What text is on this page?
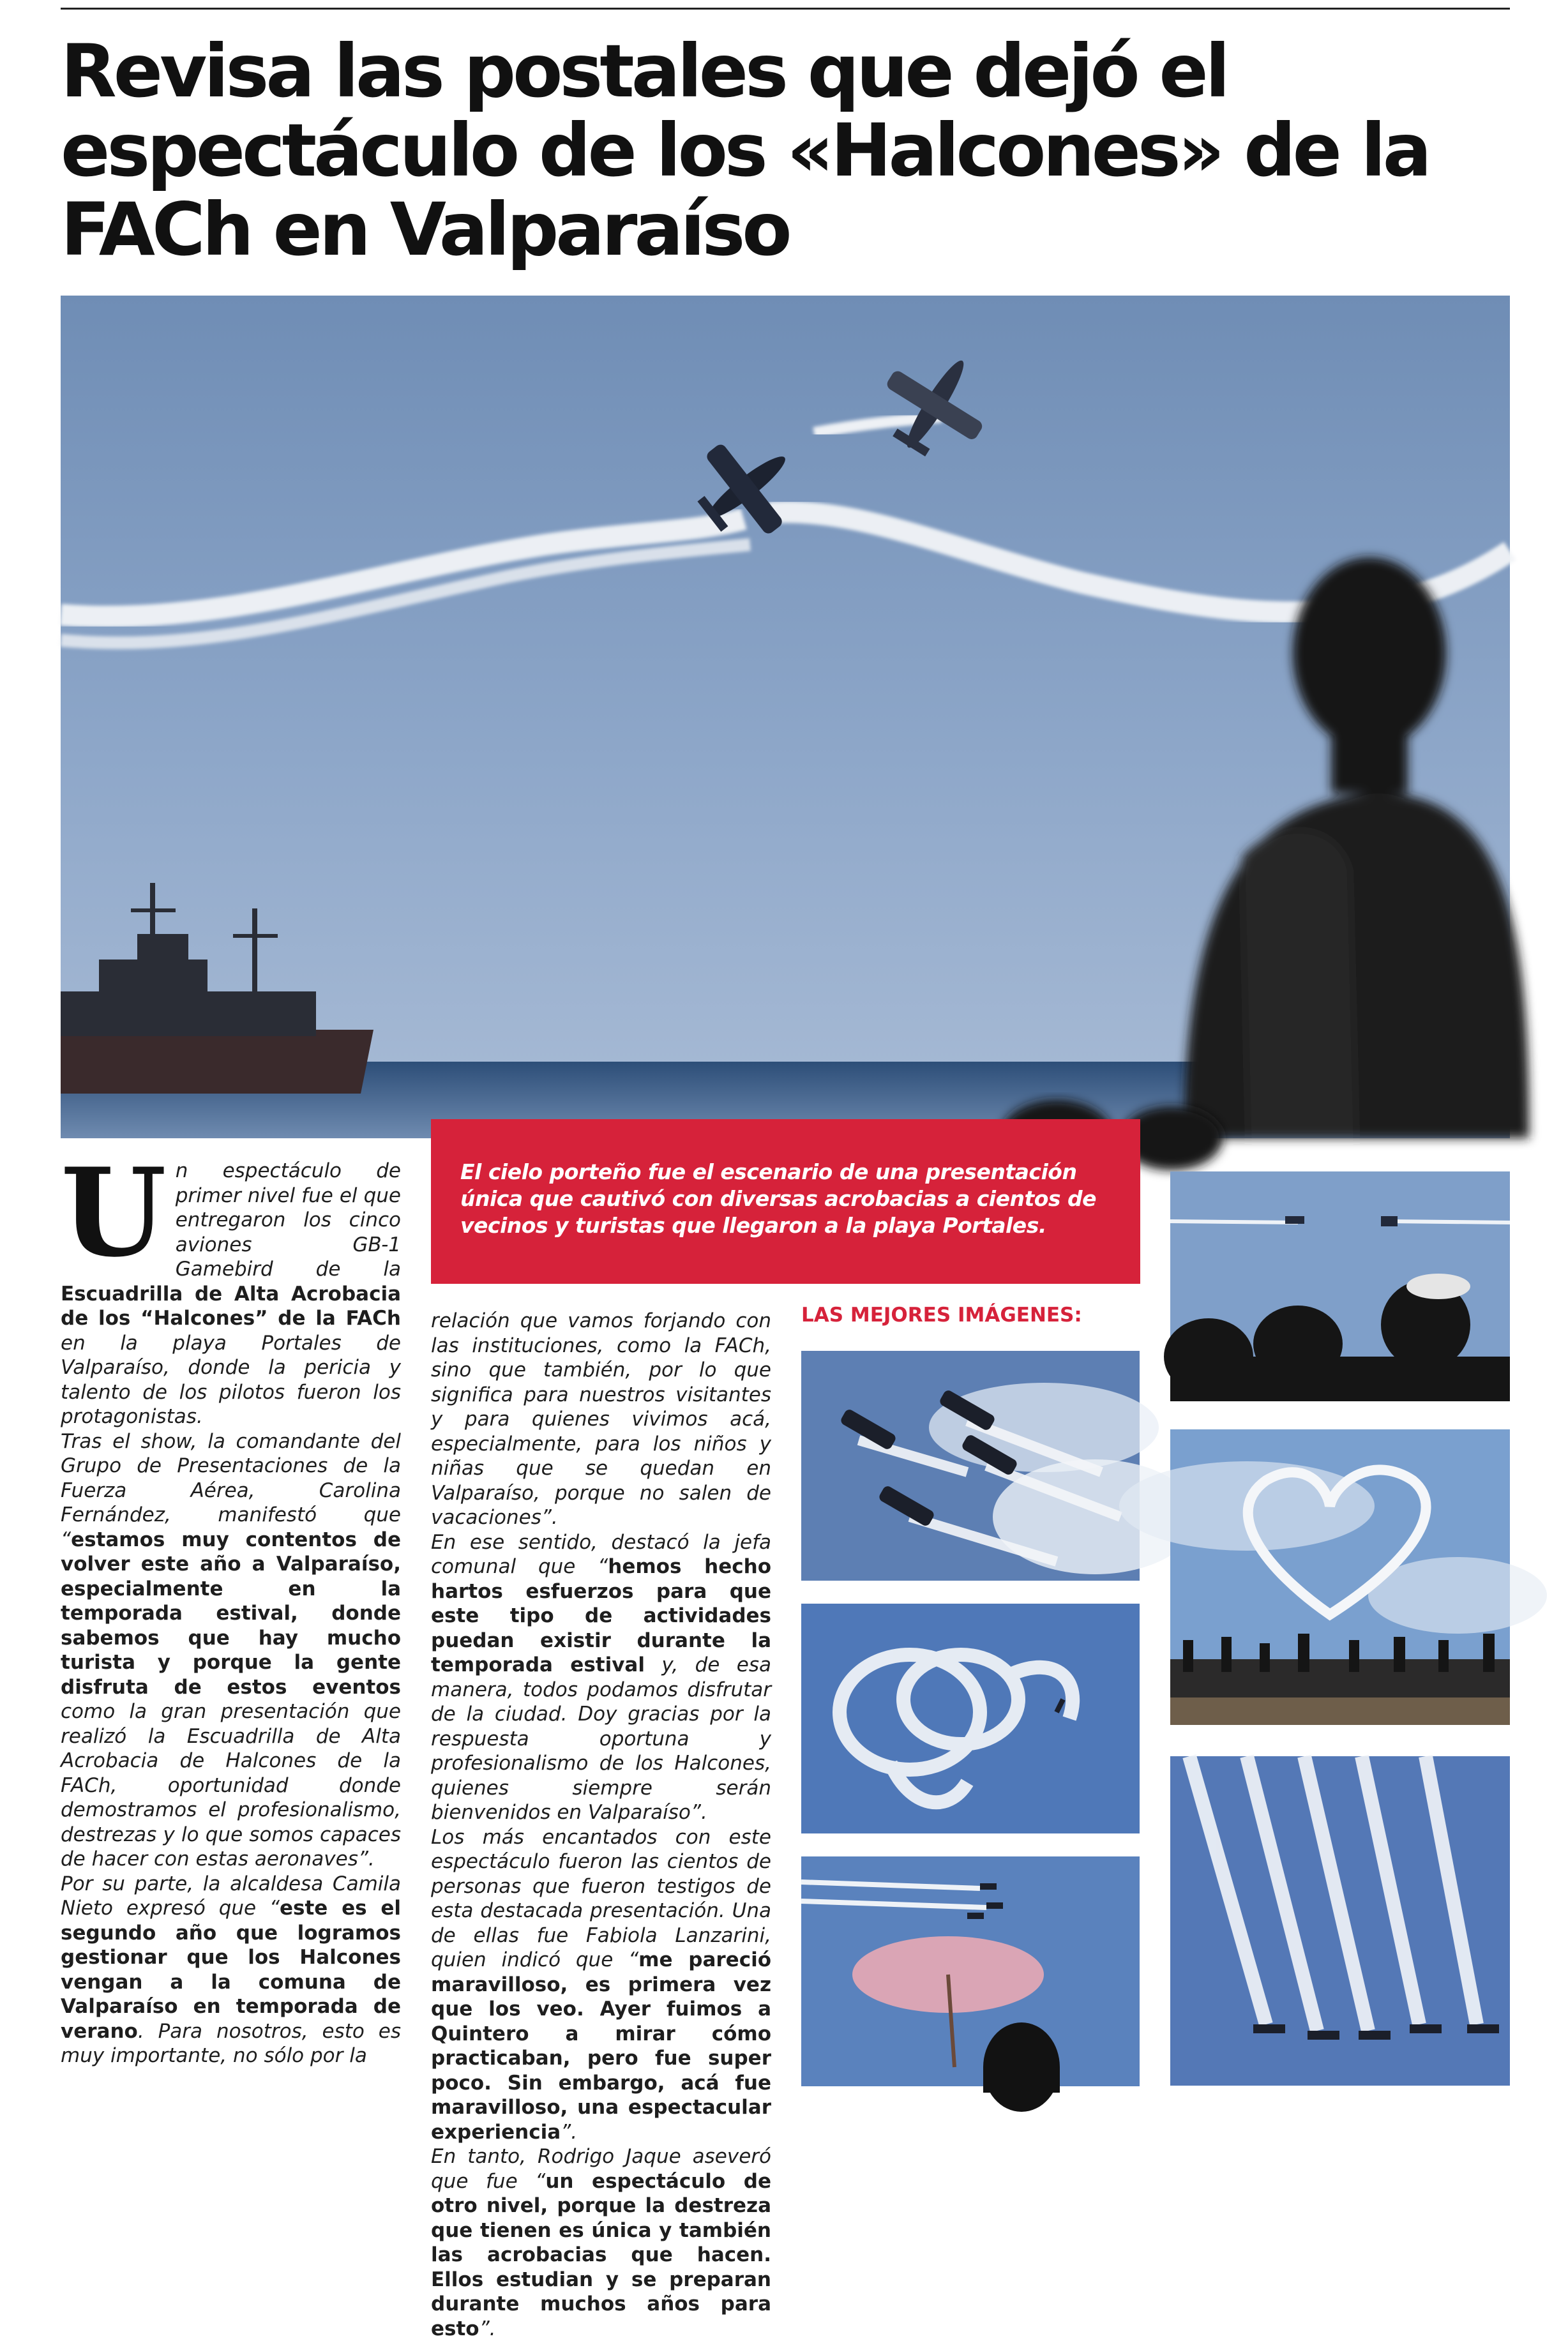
Revisa las postales que dejó el espectáculo de los «Halcones» de la FACh en Valparaíso

El cielo porteño fue el escenario de una presentación única que cautivó con diversas acrobacias a cientos de vecinos y turistas que llegaron a la playa Portales.

U n espectáculo de primer nivel fue el que entregaron los cinco aviones GB-1 Gamebird de la Escuadrilla de Alta Acrobacia de los “Halcones” de la FACh en la playa Portales de Valparaíso, donde la pericia y talento de los pilotos fueron los protagonistas.

Tras el show, la comandante del Grupo de Presentaciones de la Fuerza Aérea, Carolina Fernández, manifestó que “estamos muy contentos de volver este año a Valparaíso, especialmente en la temporada estival, donde sabemos que hay mucho turista y porque la gente disfruta de estos eventos como la gran presentación que realizó la Escuadrilla de Alta Acrobacia de Halcones de la FACh, oportunidad donde demostramos el profesionalismo, destrezas y lo que somos capaces de hacer con estas aeronaves”.

Por su parte, la alcaldesa Camila Nieto expresó que “este es el segundo año que logramos gestionar que los Halcones vengan a la comuna de Valparaíso en temporada de verano. Para nosotros, esto es muy importante, no sólo por la

relación que vamos forjando con las instituciones, como la FACh, sino que también, por lo que significa para nuestros visitantes y para quienes vivimos acá, especialmente, para los niños y niñas que se quedan en Valparaíso, porque no salen de vacaciones”.

En ese sentido, destacó la jefa comunal que “hemos hecho hartos esfuerzos para que este tipo de actividades puedan existir durante la temporada estival y, de esa manera, todos podamos disfrutar de la ciudad. Doy gracias por la respuesta oportuna y profesionalismo de los Halcones, quienes siempre serán bienvenidos en Valparaíso”.

Los más encantados con este espectáculo fueron las cientos de personas que fueron testigos de esta destacada presentación. Una de ellas fue Fabiola Lanzarini, quien indicó que “me pareció maravilloso, es primera vez que los veo. Ayer fuimos a Quintero a mirar cómo practicaban, pero fue super poco. Sin embargo, acá fue maravilloso, una espectacular experiencia”.

En tanto, Rodrigo Jaque aseveró que fue “un espectáculo de otro nivel, porque la destreza que tienen es única y también las acrobacias que hacen. Ellos estudian y se preparan durante muchos años para esto”.

LAS MEJORES IMÁGENES:
